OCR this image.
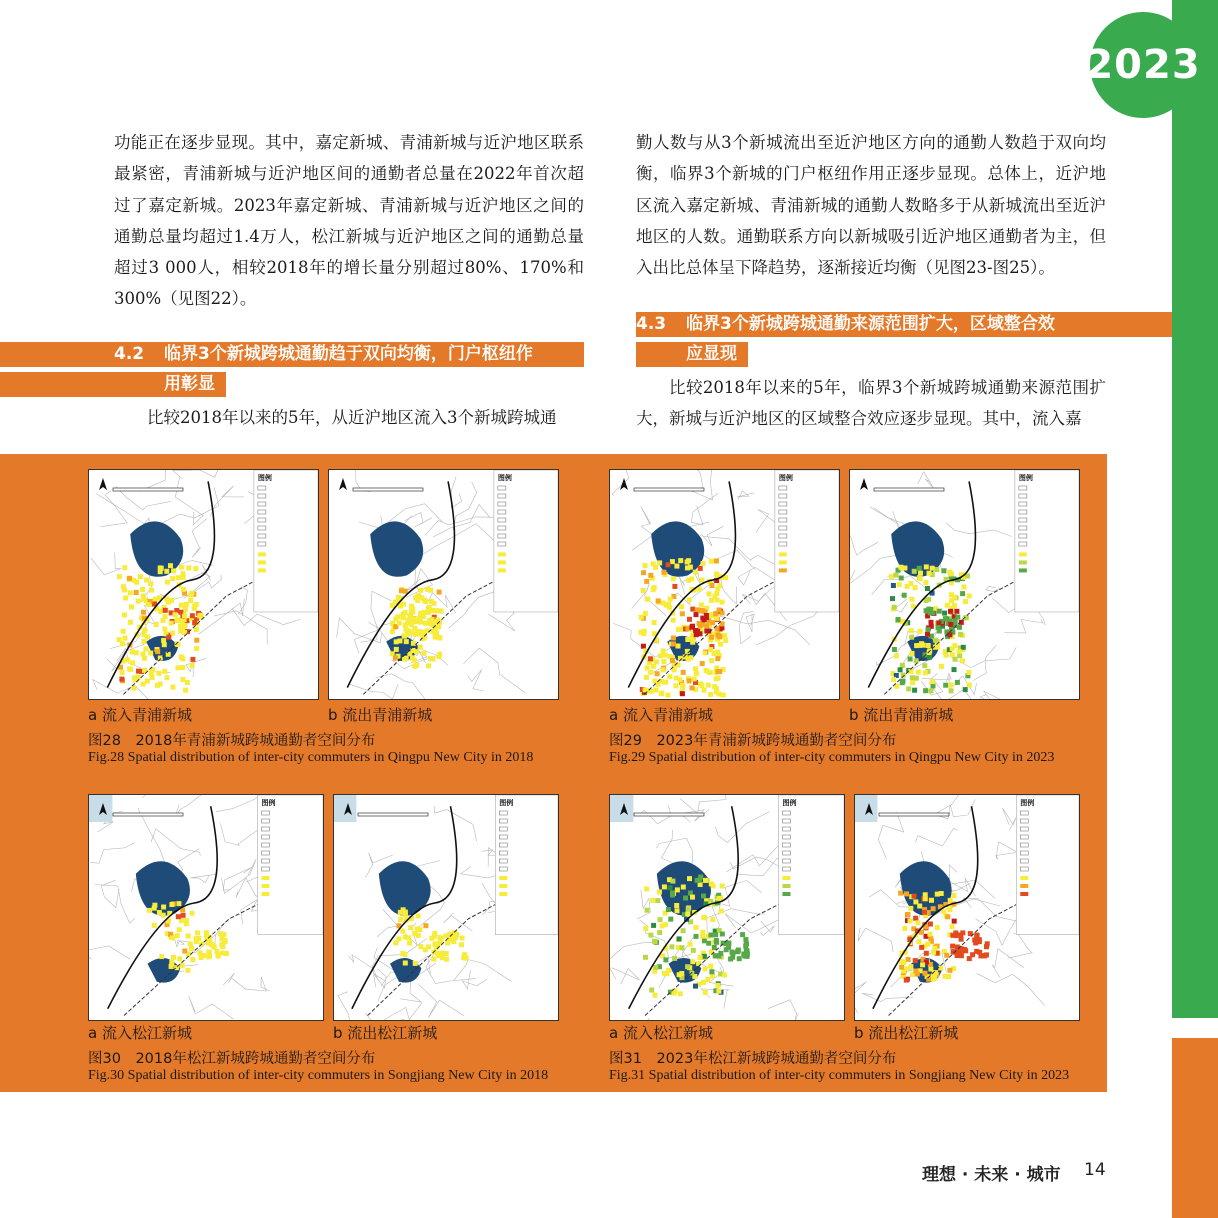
2023
功能正在逐步显现。其中，嘉定新城、青浦新城与近沪地区联系最紧密，青浦新城与近沪地区间的通勤者总量在2022年首次超过了嘉定新城。2023年嘉定新城、青浦新城与近沪地区之间的通勤总量均超过1.4万人，松江新城与近沪地区之间的通勤总量超过3 000人，相较2018年的增长量分别超过80%、170%和300%（见图22）。
4.2 临界3个新城跨城通勤趋于双向均衡，门户枢纽作
用彰显
比较2018年以来的5年，从近沪地区流入3个新城跨城通
勤人数与从3个新城流出至近沪地区方向的通勤人数趋于双向均衡，临界3个新城的门户枢纽作用正逐步显现。总体上，近沪地区流入嘉定新城、青浦新城的通勤人数略多于从新城流出至近沪地区的人数。通勤联系方向以新城吸引近沪地区通勤者为主，但入出比总体呈下降趋势，逐渐接近均衡（见图23-图25）。
4.3 临界3个新城跨城通勤来源范围扩大，区域整合效
应显现
比较2018年以来的5年，临界3个新城跨城通勤来源范围扩大，新城与近沪地区的区域整合效应逐步显现。其中，流入嘉
图例	图例	图例	图例
图例	图例	图例	图例
a 流入青浦新城	b 流出青浦新城
图28　2018年青浦新城跨城通勤者空间分布
Fig.28 Spatial distribution of inter-city commuters in Qingpu New City in 2018
a 流入青浦新城	b 流出青浦新城
图29　2023年青浦新城跨城通勤者空间分布
Fig.29 Spatial distribution of inter-city commuters in Qingpu New City in 2023
a 流入松江新城	b 流出松江新城
图30　2018年松江新城跨城通勤者空间分布
Fig.30 Spatial distribution of inter-city commuters in Songjiang New City in 2018
a 流入松江新城	b 流出松江新城
图31　2023年松江新城跨城通勤者空间分布
Fig.31 Spatial distribution of inter-city commuters in Songjiang New City in 2023
理想 · 未来 · 城市 14
